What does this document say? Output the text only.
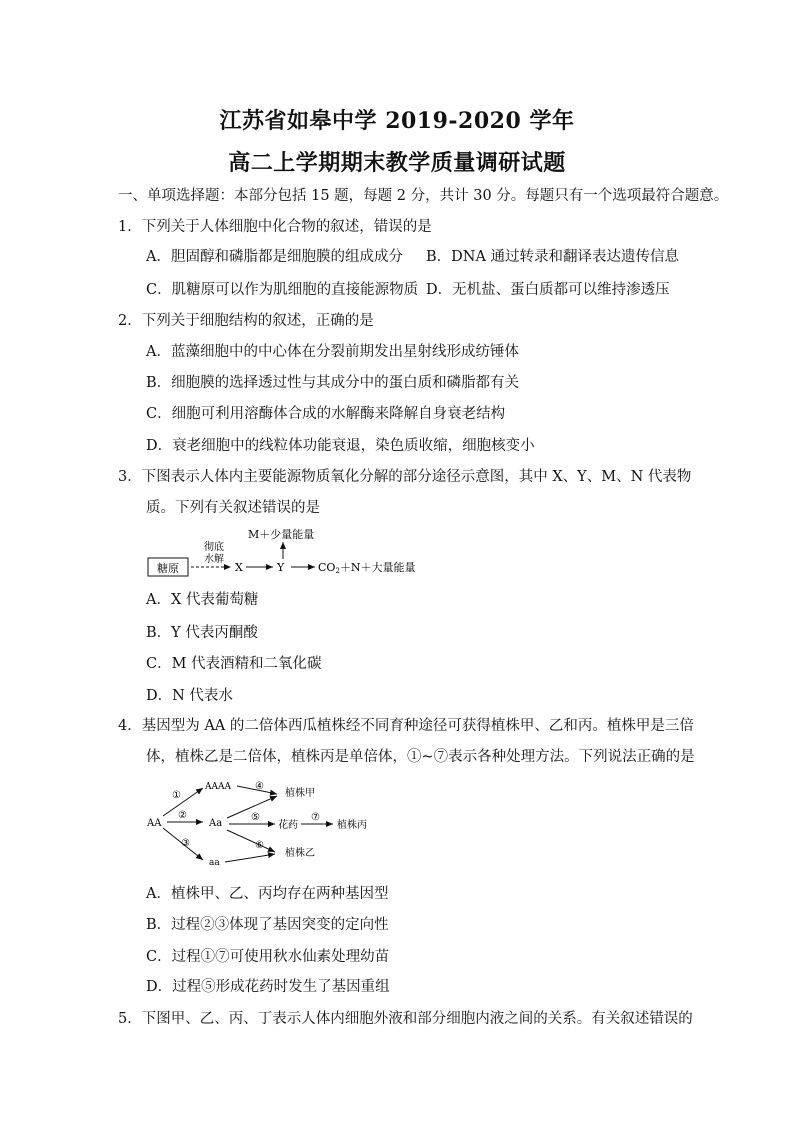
江苏省如皋中学 2019-2020 学年
高二上学期期末教学质量调研试题
一、单项选择题：本部分包括 15 题，每题 2 分，共计 30 分。每题只有一个选项最符合题意。
1．下列关于人体细胞中化合物的叙述，错误的是
A．胆固醇和磷脂都是细胞膜的组成成分 B．DNA 通过转录和翻译表达遗传信息
C．肌糖原可以作为肌细胞的直接能源物质 D．无机盐、蛋白质都可以维持渗透压
2．下列关于细胞结构的叙述，正确的是
A．蓝藻细胞中的中心体在分裂前期发出星射线形成纺锤体
B．细胞膜的选择透过性与其成分中的蛋白质和磷脂都有关
C．细胞可利用溶酶体合成的水解酶来降解自身衰老结构
D．衰老细胞中的线粒体功能衰退，染色质收缩，细胞核变小
3．下图表示人体内主要能源物质氧化分解的部分途径示意图，其中 X、Y、M、N 代表物
质。下列有关叙述错误的是
糖原
彻底
水解
X	Y
M＋少量能量
CO2＋N＋大量能量
A．X 代表葡萄糖
B．Y 代表丙酮酸
C．M 代表酒精和二氧化碳
D．N 代表水
4．基因型为 AA 的二倍体西瓜植株经不同育种途径可获得植株甲、乙和丙。植株甲是三倍
体，植株乙是二倍体，植株丙是单倍体，①~⑦表示各种处理方法。下列说法正确的是
AA
①
②
③
AAAA
Aa
aa
④
植株甲
⑤
花药
⑦
植株丙
⑥
植株乙
A．植株甲、乙、丙均存在两种基因型
B．过程②③体现了基因突变的定向性
C．过程①⑦可使用秋水仙素处理幼苗
D．过程⑤形成花药时发生了基因重组
5．下图甲、乙、丙、丁表示人体内细胞外液和部分细胞内液之间的关系。有关叙述错误的
